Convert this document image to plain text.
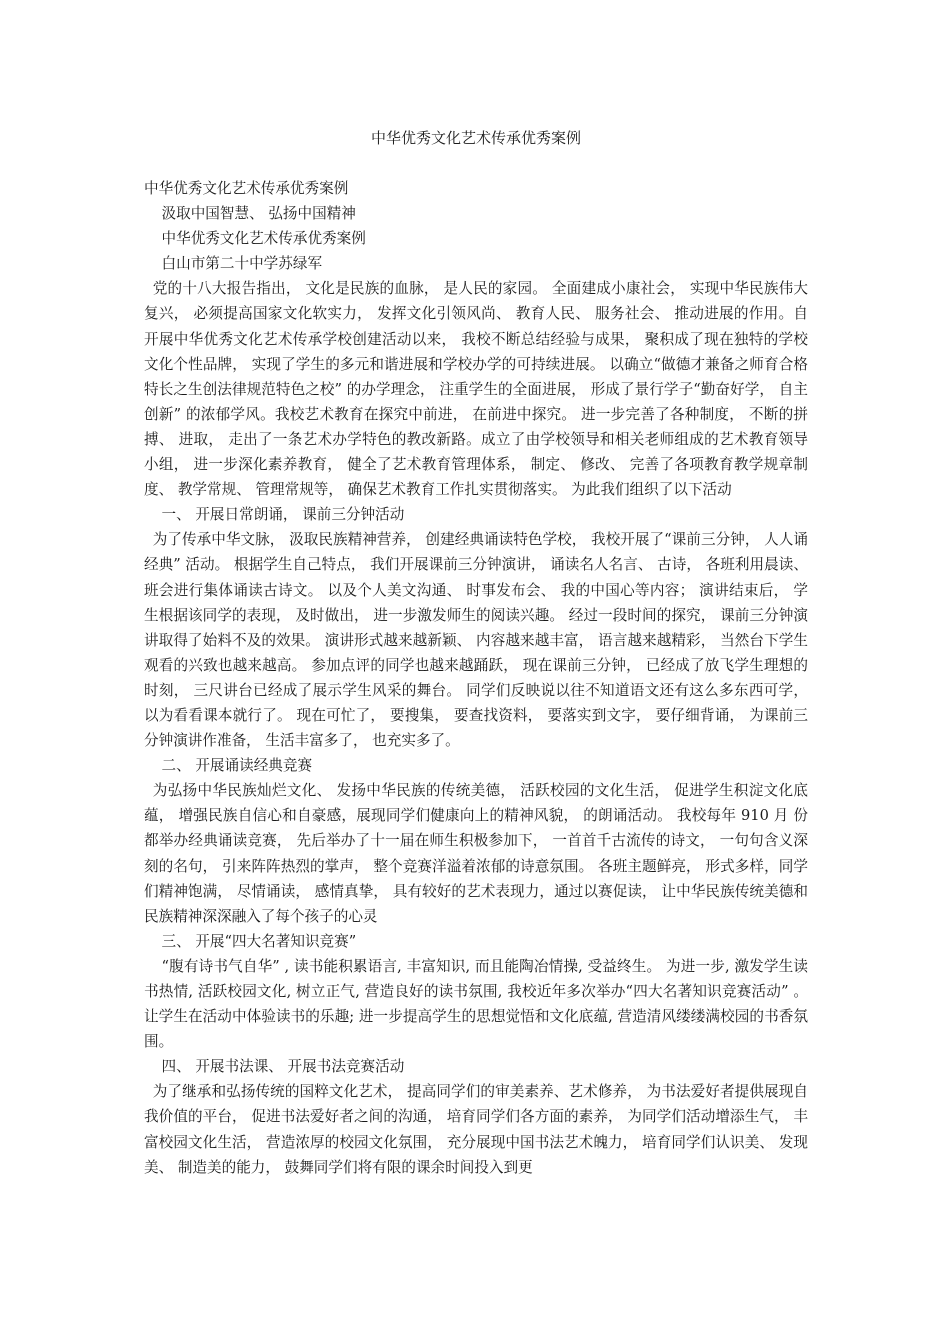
中华优秀文化艺术传承优秀案例

中华优秀文化艺术传承优秀案例

汲取中国智慧、 弘扬中国精神

中华优秀文化艺术传承优秀案例

白山市第二十中学苏绿军

党的十八大报告指出， 文化是民族的血脉， 是人民的家园。 全面建成小康社会， 实现中华民族伟大复兴， 必须提高国家文化软实力， 发挥文化引领风尚、 教育人民、 服务社会、 推动进展的作用。自开展中华优秀文化艺术传承学校创建活动以来， 我校不断总结经验与成果， 聚积成了现在独特的学校文化个性品牌， 实现了学生的多元和谐进展和学校办学的可持续进展。 以确立“做德才兼备之师育合格特长之生创法律规范特色之校” 的办学理念， 注重学生的全面进展， 形成了景行学子“勤奋好学， 自主创新” 的浓郁学风。我校艺术教育在探究中前进， 在前进中探究。 进一步完善了各种制度， 不断的拼搏、 进取， 走出了一条艺术办学特色的教改新路。成立了由学校领导和相关老师组成的艺术教育领导小组， 进一步深化素养教育， 健全了艺术教育管理体系， 制定、 修改、 完善了各项教育教学规章制度、 教学常规、 管理常规等， 确保艺术教育工作扎实贯彻落实。 为此我们组织了以下活动

一、 开展日常朗诵， 课前三分钟活动

为了传承中华文脉， 汲取民族精神营养， 创建经典诵读特色学校， 我校开展了“课前三分钟， 人人诵经典” 活动。 根据学生自己特点， 我们开展课前三分钟演讲， 诵读名人名言、 古诗， 各班利用晨读、 班会进行集体诵读古诗文。 以及个人美文沟通、 时事发布会、 我的中国心等内容； 演讲结束后， 学生根据该同学的表现， 及时做出， 进一步激发师生的阅读兴趣。 经过一段时间的探究， 课前三分钟演讲取得了始料不及的效果。 演讲形式越来越新颖、 内容越来越丰富， 语言越来越精彩， 当然台下学生观看的兴致也越来越高。 参加点评的同学也越来越踊跃， 现在课前三分钟， 已经成了放飞学生理想的时刻， 三尺讲台已经成了展示学生风采的舞台。 同学们反映说以往不知道语文还有这么多东西可学， 以为看看课本就行了。 现在可忙了， 要搜集， 要查找资料， 要落实到文字， 要仔细背诵， 为课前三分钟演讲作准备， 生活丰富多了， 也充实多了。

二、 开展诵读经典竞赛

为弘扬中华民族灿烂文化、 发扬中华民族的传统美德， 活跃校园的文化生活， 促进学生积淀文化底蕴， 增强民族自信心和自豪感，展现同学们健康向上的精神风貌， 的朗诵活动。 我校每年 910 月 份都举办经典诵读竞赛， 先后举办了十一届在师生积极参加下， 一首首千古流传的诗文， 一句句含义深刻的名句， 引来阵阵热烈的掌声， 整个竞赛洋溢着浓郁的诗意氛围。 各班主题鲜亮， 形式多样，同学们精神饱满， 尽情诵读， 感情真挚， 具有较好的艺术表现力，通过以赛促读， 让中华民族传统美德和民族精神深深融入了每个孩子的心灵

三、 开展“四大名著知识竞赛”

“腹有诗书气自华” , 读书能积累语言, 丰富知识, 而且能陶冶情操, 受益终生。 为进一步, 激发学生读书热情, 活跃校园文化, 树立正气, 营造良好的读书氛围, 我校近年多次举办“四大名著知识竞赛活动” 。 让学生在活动中体验读书的乐趣; 进一步提高学生的思想觉悟和文化底蕴, 营造清风缕缕满校园的书香氛围。

四、 开展书法课、 开展书法竞赛活动

为了继承和弘扬传统的国粹文化艺术， 提高同学们的审美素养、艺术修养， 为书法爱好者提供展现自我价值的平台， 促进书法爱好者之间的沟通， 培育同学们各方面的素养， 为同学们活动增添生气， 丰富校园文化生活， 营造浓厚的校园文化氛围， 充分展现中国书法艺术魄力， 培育同学们认识美、 发现美、 制造美的能力， 鼓舞同学们将有限的课余时间投入到更
